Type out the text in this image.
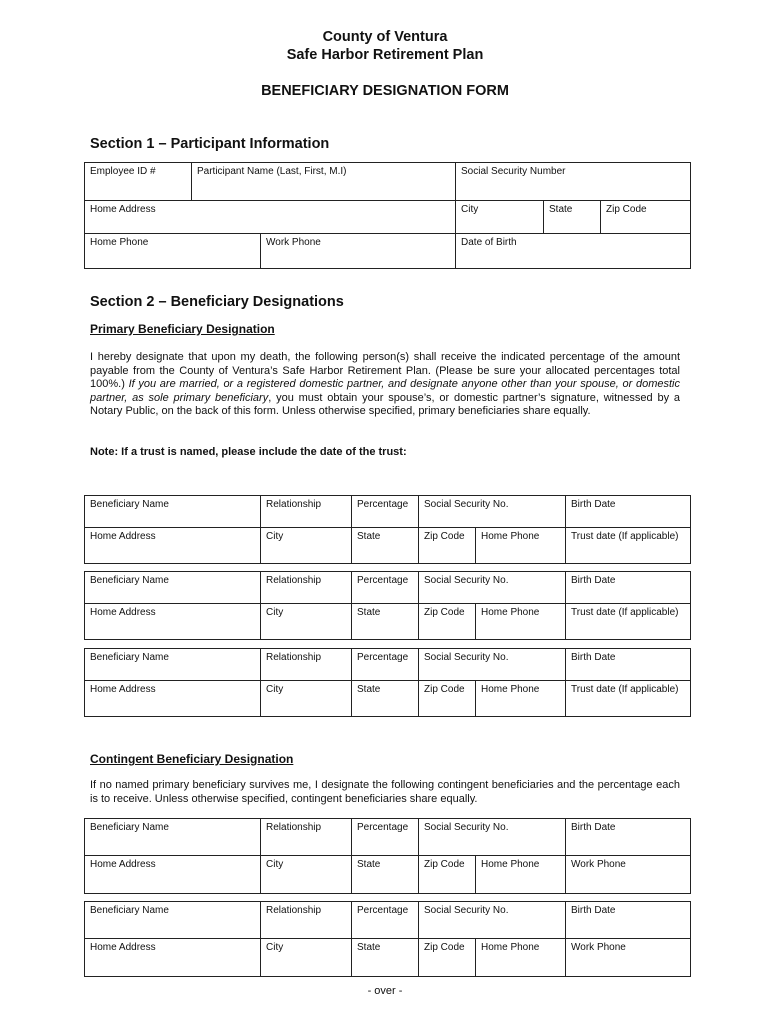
County of Ventura
Safe Harbor Retirement Plan
BENEFICIARY DESIGNATION FORM
Section 1 – Participant Information
Employee ID #	Participant Name (Last, First, M.I)		Social Security Number		
Home Address			City	State	Zip Code
Home Phone		Work Phone	Date of Birth		
Section 2 – Beneficiary Designations
Primary Beneficiary Designation
I hereby designate that upon my death, the following person(s) shall receive the indicated percentage of the amount payable from the County of Ventura’s Safe Harbor Retirement Plan. (Please be sure your allocated percentages total 100%.) If you are married, or a registered domestic partner, and designate anyone other than your spouse, or domestic partner, as sole primary beneficiary, you must obtain your spouse’s, or domestic partner’s signature, witnessed by a Notary Public, on the back of this form. Unless otherwise specified, primary beneficiaries share equally.
Note: If a trust is named, please include the date of the trust:
Beneficiary Name	Relationship	Percentage	Social Security No.		Birth Date
Home Address	City	State	Zip Code	Home Phone	Trust date (If applicable)
Beneficiary Name	Relationship	Percentage	Social Security No.		Birth Date
Home Address	City	State	Zip Code	Home Phone	Trust date (If applicable)
Beneficiary Name	Relationship	Percentage	Social Security No.		Birth Date
Home Address	City	State	Zip Code	Home Phone	Trust date (If applicable)
Contingent Beneficiary Designation
If no named primary beneficiary survives me, I designate the following contingent beneficiaries and the percentage each is to receive. Unless otherwise specified, contingent beneficiaries share equally.
Beneficiary Name	Relationship	Percentage	Social Security No.		Birth Date
Home Address	City	State	Zip Code	Home Phone	Work Phone
Beneficiary Name	Relationship	Percentage	Social Security No.		Birth Date
Home Address	City	State	Zip Code	Home Phone	Work Phone
- over -
